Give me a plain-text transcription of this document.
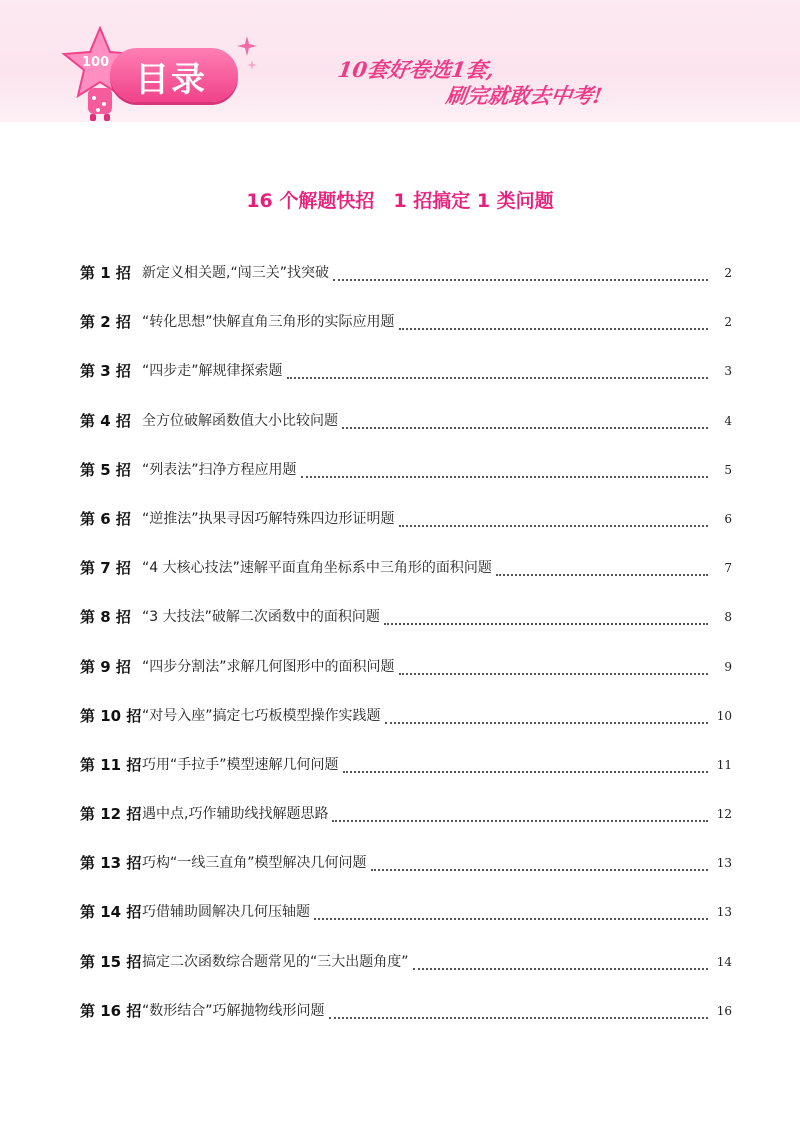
100 目录	10套好卷选1套,
刷完就敢去中考!
16 个解题快招　1 招搞定 1 类问题
第 1 招 新定义相关题,“闯三关”找突破	2
第 2 招 “转化思想”快解直角三角形的实际应用题	2
第 3 招 “四步走”解规律探索题	3
第 4 招 全方位破解函数值大小比较问题	4
第 5 招 “列表法”扫净方程应用题	5
第 6 招 “逆推法”执果寻因巧解特殊四边形证明题	6
第 7 招 “4 大核心技法”速解平面直角坐标系中三角形的面积问题	7
第 8 招 “3 大技法”破解二次函数中的面积问题	8
第 9 招 “四步分割法”求解几何图形中的面积问题	9
第 10 招 “对号入座”搞定七巧板模型操作实践题	10
第 11 招 巧用“手拉手”模型速解几何问题	11
第 12 招 遇中点,巧作辅助线找解题思路	12
第 13 招 巧构“一线三直角”模型解决几何问题	13
第 14 招 巧借辅助圆解决几何压轴题	13
第 15 招 搞定二次函数综合题常见的“三大出题角度”	14
第 16 招 “数形结合”巧解抛物线形问题	16
